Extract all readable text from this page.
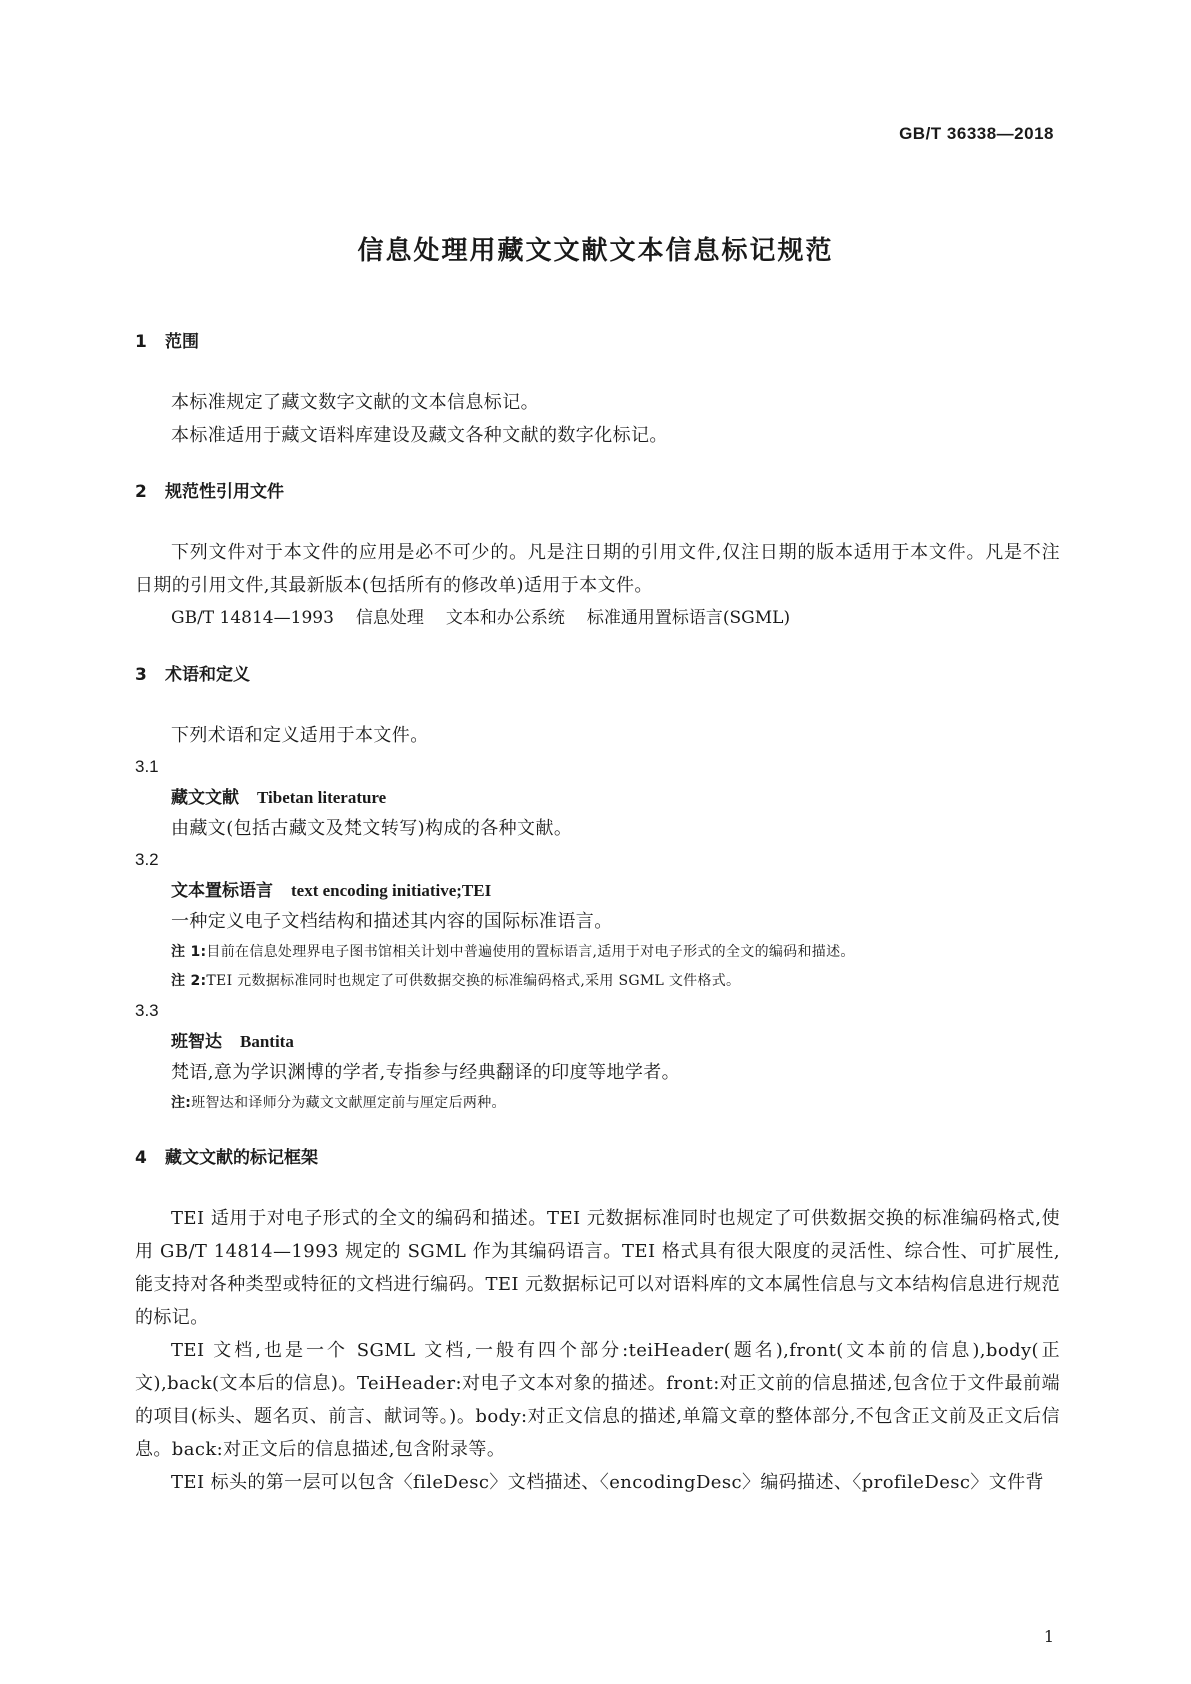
GB/T 36338—2018
信息处理用藏文文献文本信息标记规范
1 范围

本标准规定了藏文数字文献的文本信息标记。

本标准适用于藏文语料库建设及藏文各种文献的数字化标记。

2 规范性引用文件

下列文件对于本文件的应用是必不可少的。凡是注日期的引用文件,仅注日期的版本适用于本文件。凡是不注日期的引用文件,其最新版本(包括所有的修改单)适用于本文件。

GB/T 14814—1993 信息处理 文本和办公系统 标准通用置标语言(SGML)

3 术语和定义

下列术语和定义适用于本文件。

3.1
藏文文献 Tibetan literature
由藏文(包括古藏文及梵文转写)构成的各种文献。
3.2
文本置标语言 text encoding initiative;TEI
一种定义电子文档结构和描述其内容的国际标准语言。
注 1:目前在信息处理界电子图书馆相关计划中普遍使用的置标语言,适用于对电子形式的全文的编码和描述。
注 2:TEI 元数据标准同时也规定了可供数据交换的标准编码格式,采用 SGML 文件格式。
3.3
班智达 Bantita
梵语,意为学识渊博的学者,专指参与经典翻译的印度等地学者。
注:班智达和译师分为藏文文献厘定前与厘定后两种。
4 藏文文献的标记框架

TEI 适用于对电子形式的全文的编码和描述。TEI 元数据标准同时也规定了可供数据交换的标准编码格式,使用 GB/T 14814—1993 规定的 SGML 作为其编码语言。TEI 格式具有很大限度的灵活性、综合性、可扩展性,能支持对各种类型或特征的文档进行编码。TEI 元数据标记可以对语料库的文本属性信息与文本结构信息进行规范的标记。

TEI 文档,也是一个 SGML 文档,一般有四个部分:teiHeader(题名),front(文本前的信息),body(正文),back(文本后的信息)。TeiHeader:对电子文本对象的描述。front:对正文前的信息描述,包含位于文件最前端的项目(标头、题名页、前言、献词等。)。body:对正文信息的描述,单篇文章的整体部分,不包含正文前及正文后信息。back:对正文后的信息描述,包含附录等。

TEI 标头的第一层可以包含〈fileDesc〉文档描述、〈encodingDesc〉编码描述、〈profileDesc〉文件背

1
